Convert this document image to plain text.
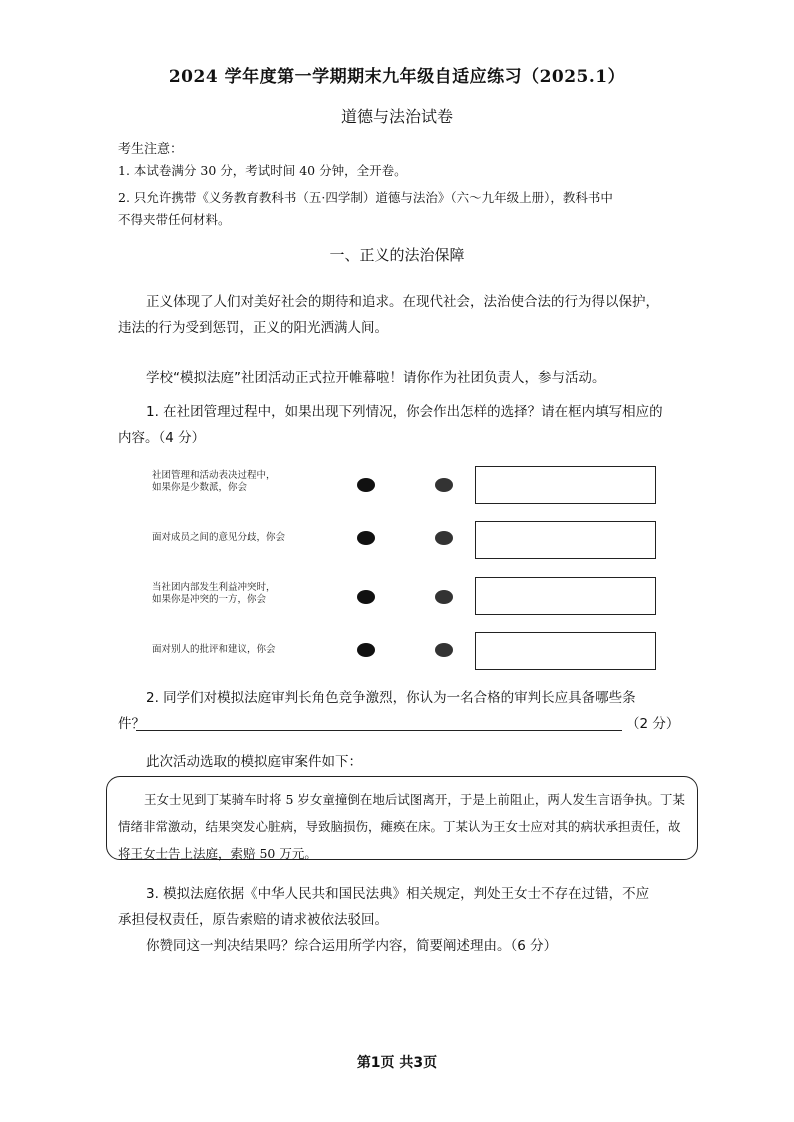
2024 学年度第一学期期末九年级自适应练习（2025.1）
道德与法治试卷
考生注意：
1. 本试卷满分 30 分，考试时间 40 分钟，全开卷。
2. 只允许携带《义务教育教科书（五·四学制）道德与法治》（六～九年级上册），教科书中
不得夹带任何材料。
一、正义的法治保障
正义体现了人们对美好社会的期待和追求。在现代社会，法治使合法的行为得以保护，
违法的行为受到惩罚，正义的阳光洒满人间。
学校“模拟法庭”社团活动正式拉开帷幕啦！请你作为社团负责人，参与活动。
1. 在社团管理过程中，如果出现下列情况，你会作出怎样的选择？请在框内填写相应的
内容。（4 分）
社团管理和活动表决过程中，
如果你是少数派，你会
面对成员之间的意见分歧，你会
当社团内部发生利益冲突时，
如果你是冲突的一方，你会
面对别人的批评和建议，你会
2. 同学们对模拟法庭审判长角色竞争激烈，你认为一名合格的审判长应具备哪些条
件？	（2 分）
此次活动选取的模拟庭审案件如下：
王女士见到丁某骑车时将 5 岁女童撞倒在地后试图离开，于是上前阻止，两人发生言语争执。丁某情绪非常激动，结果突发心脏病，导致脑损伤，瘫痪在床。丁某认为王女士应对其的病状承担责任，故将王女士告上法庭，索赔 50 万元。
3. 模拟法庭依据《中华人民共和国民法典》相关规定，判处王女士不存在过错，不应
承担侵权责任，原告索赔的请求被依法驳回。
你赞同这一判决结果吗？综合运用所学内容，简要阐述理由。（6 分）
第1页 共3页
